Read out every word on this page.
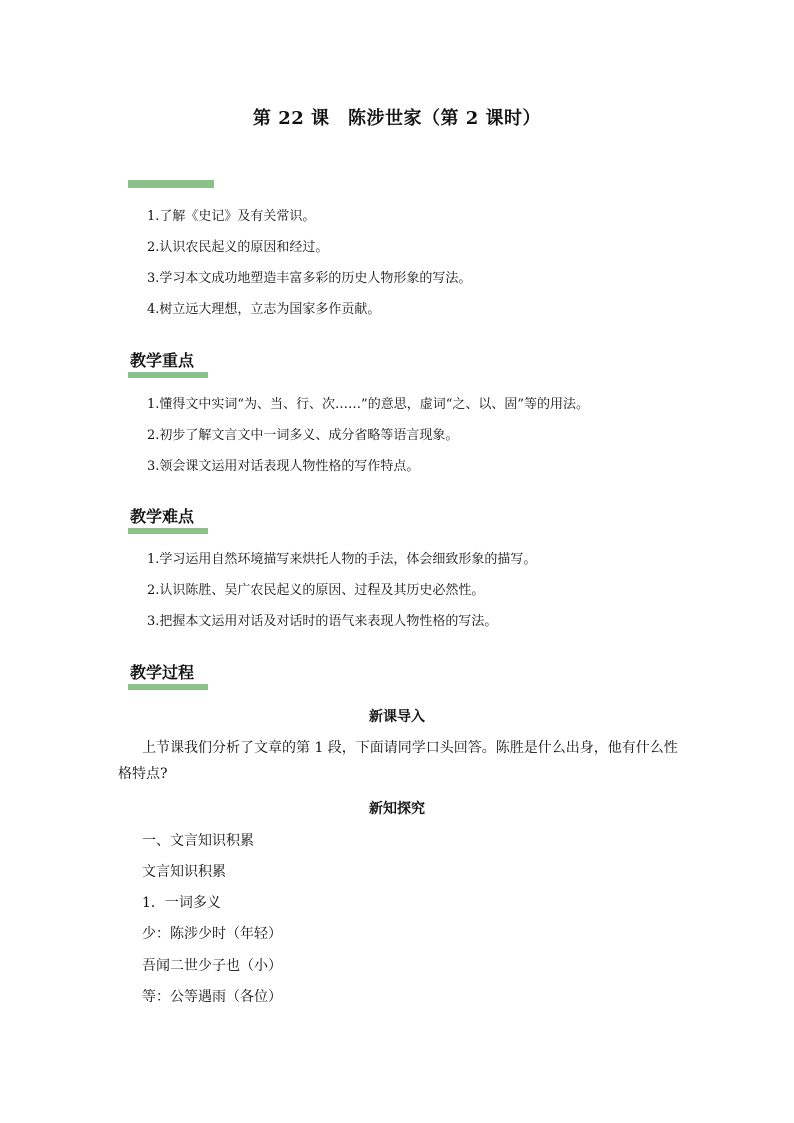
第 22 课　陈涉世家（第 2 课时）
1.了解《史记》及有关常识。
2.认识农民起义的原因和经过。
3.学习本文成功地塑造丰富多彩的历史人物形象的写法。
4.树立远大理想，立志为国家多作贡献。
教学重点
1.懂得文中实词“为、当、行、次……”的意思，虚词“之、以、固”等的用法。
2.初步了解文言文中一词多义、成分省略等语言现象。
3.领会课文运用对话表现人物性格的写作特点。
教学难点
1.学习运用自然环境描写来烘托人物的手法，体会细致形象的描写。
2.认识陈胜、吴广农民起义的原因、过程及其历史必然性。
3.把握本文运用对话及对话时的语气来表现人物性格的写法。
教学过程
新课导入
上节课我们分析了文章的第 1 段，下面请同学口头回答。陈胜是什么出身，他有什么性格特点?
新知探究
一、文言知识积累
文言知识积累
1．一词多义
少：陈涉少时（年轻）
吾闻二世少子也（小）
等：公等遇雨（各位）
